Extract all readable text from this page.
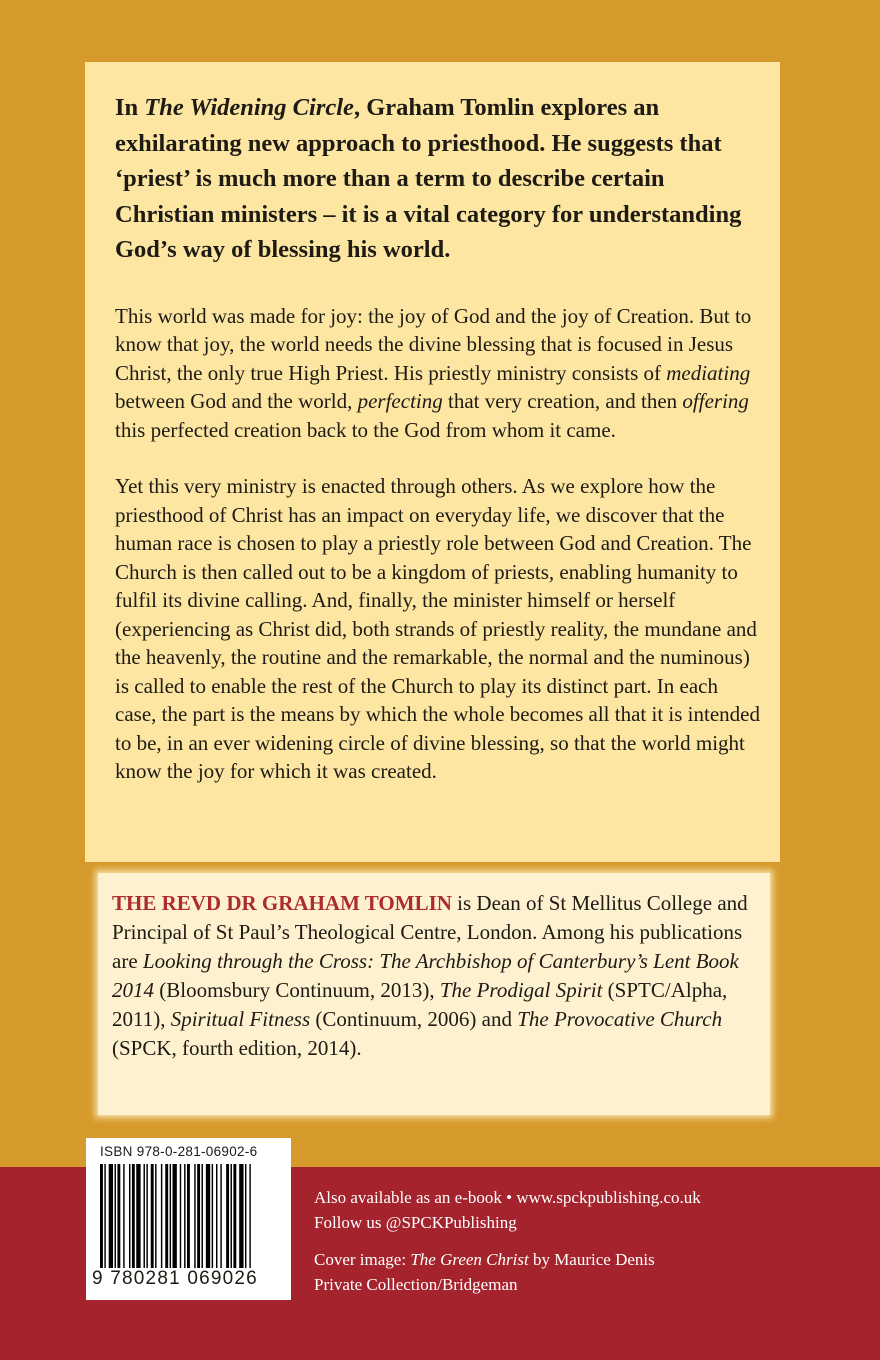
In The Widening Circle, Graham Tomlin explores an exhilarating new approach to priesthood. He suggests that ‘priest’ is much more than a term to describe certain Christian ministers – it is a vital category for understanding God’s way of blessing his world.

This world was made for joy: the joy of God and the joy of Creation. But to know that joy, the world needs the divine blessing that is focused in Jesus Christ, the only true High Priest. His priestly ministry consists of mediating between God and the world, perfecting that very creation, and then offering this perfected creation back to the God from whom it came.

Yet this very ministry is enacted through others. As we explore how the priesthood of Christ has an impact on everyday life, we discover that the human race is chosen to play a priestly role between God and Creation. The Church is then called out to be a kingdom of priests, enabling humanity to fulfil its divine calling. And, finally, the minister himself or herself (experiencing as Christ did, both strands of priestly reality, the mundane and the heavenly, the routine and the remarkable, the normal and the numinous) is called to enable the rest of the Church to play its distinct part. In each case, the part is the means by which the whole becomes all that it is intended to be, in an ever widening circle of divine blessing, so that the world might know the joy for which it was created.

THE REVD DR GRAHAM TOMLIN is Dean of St Mellitus College and Principal of St Paul’s Theological Centre, London. Among his publications are Looking through the Cross: The Archbishop of Canterbury’s Lent Book 2014 (Bloomsbury Continuum, 2013), The Prodigal Spirit (SPTC/Alpha, 2011), Spiritual Fitness (Continuum, 2006) and The Provocative Church (SPCK, fourth edition, 2014).

Also available as an e-book • www.spckpublishing.co.uk

Follow us @SPCKPublishing

Cover image: The Green Christ by Maurice Denis

Private Collection/Bridgeman

ISBN 978-0-281-06902-6
9 780281 069026
